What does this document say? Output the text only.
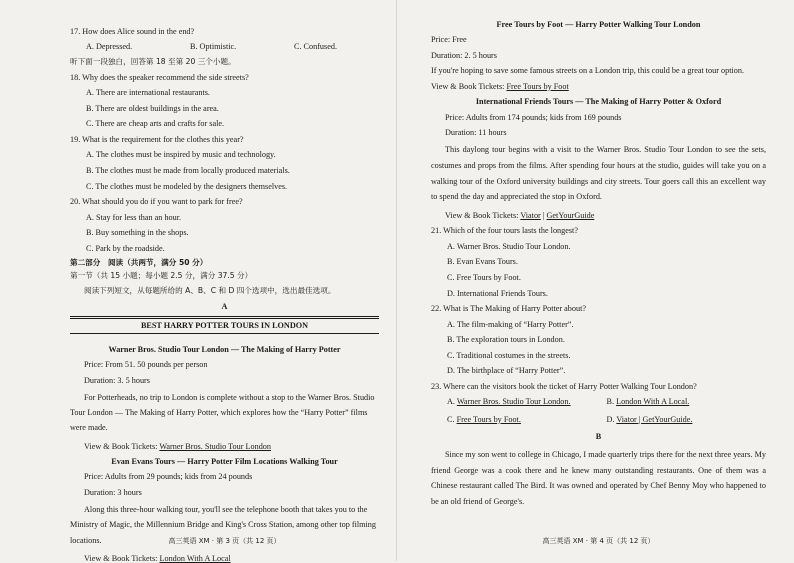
17. How does Alice sound in the end?

A. Depressed.	B. Optimistic.	C. Confused.

听下面一段独白，回答第 18 至第 20 三个小题。

18. Why does the speaker recommend the side streets?

A. There are international restaurants.

B. There are oldest buildings in the area.

C. There are cheap arts and crafts for sale.

19. What is the requirement for the clothes this year?

A. The clothes must be inspired by music and technology.

B. The clothes must be made from locally produced materials.

C. The clothes must be modeled by the designers themselves.

20. What should you do if you want to park for free?

A. Stay for less than an hour.

B. Buy something in the shops.

C. Park by the roadside.

第二部分　阅读（共两节，满分 50 分）

第一节（共 15 小题；每小题 2.5 分，满分 37.5 分）

阅读下列短文，从每题所给的 A、B、C 和 D 四个选项中，选出最佳选项。

A

BEST HARRY POTTER TOURS IN LONDON

Warner Bros. Studio Tour London — The Making of Harry Potter

Price: From 51. 50 pounds per person

Duration: 3. 5 hours

For Potterheads, no trip to London is complete without a stop to the Warner Bros. Studio Tour London — The Making of Harry Potter, which explores how the “Harry Potter” films were made.

View & Book Tickets: Warner Bros. Studio Tour London

Evan Evans Tours — Harry Potter Film Locations Walking Tour

Price: Adults from 29 pounds; kids from 24 pounds

Duration: 3 hours

Along this three-hour walking tour, you'll see the telephone booth that takes you to the Ministry of Magic, the Millennium Bridge and King's Cross Station, among other top filming locations.

View & Book Tickets: London With A Local

高三英语 XM · 第 3 页（共 12 页）

Free Tours by Foot — Harry Potter Walking Tour London

Price: Free

Duration: 2. 5 hours

If you're hoping to save some famous streets on a London trip, this could be a great tour option.

View & Book Tickets: Free Tours by Foot

International Friends Tours — The Making of Harry Potter & Oxford

Price: Adults from 174 pounds; kids from 169 pounds

Duration: 11 hours

This daylong tour begins with a visit to the Warner Bros. Studio Tour London to see the sets, costumes and props from the films. After spending four hours at the studio, guides will take you on a walking tour of the Oxford university buildings and city streets. Tour goers call this an excellent way to spend the day and appreciated the stop in Oxford.

View & Book Tickets: Viator | GetYourGuide

21. Which of the four tours lasts the longest?

A. Warner Bros. Studio Tour London.

B. Evan Evans Tours.

C. Free Tours by Foot.

D. International Friends Tours.

22. What is The Making of Harry Potter about?

A. The film-making of “Harry Potter”.

B. The exploration tours in London.

C. Traditional costumes in the streets.

D. The birthplace of “Harry Potter”.

23. Where can the visitors book the ticket of Harry Potter Walking Tour London?

A. Warner Bros. Studio Tour London.	B. London With A Local.
C. Free Tours by Foot.	D. Viator | GetYourGuide.

B

Since my son went to college in Chicago, I made quarterly trips there for the next three years. My friend George was a cook there and he knew many outstanding restaurants. One of them was a Chinese restaurant called The Bird. It was owned and operated by Chef Benny Moy who happened to be an old friend of George's.

高三英语 XM · 第 4 页（共 12 页）
